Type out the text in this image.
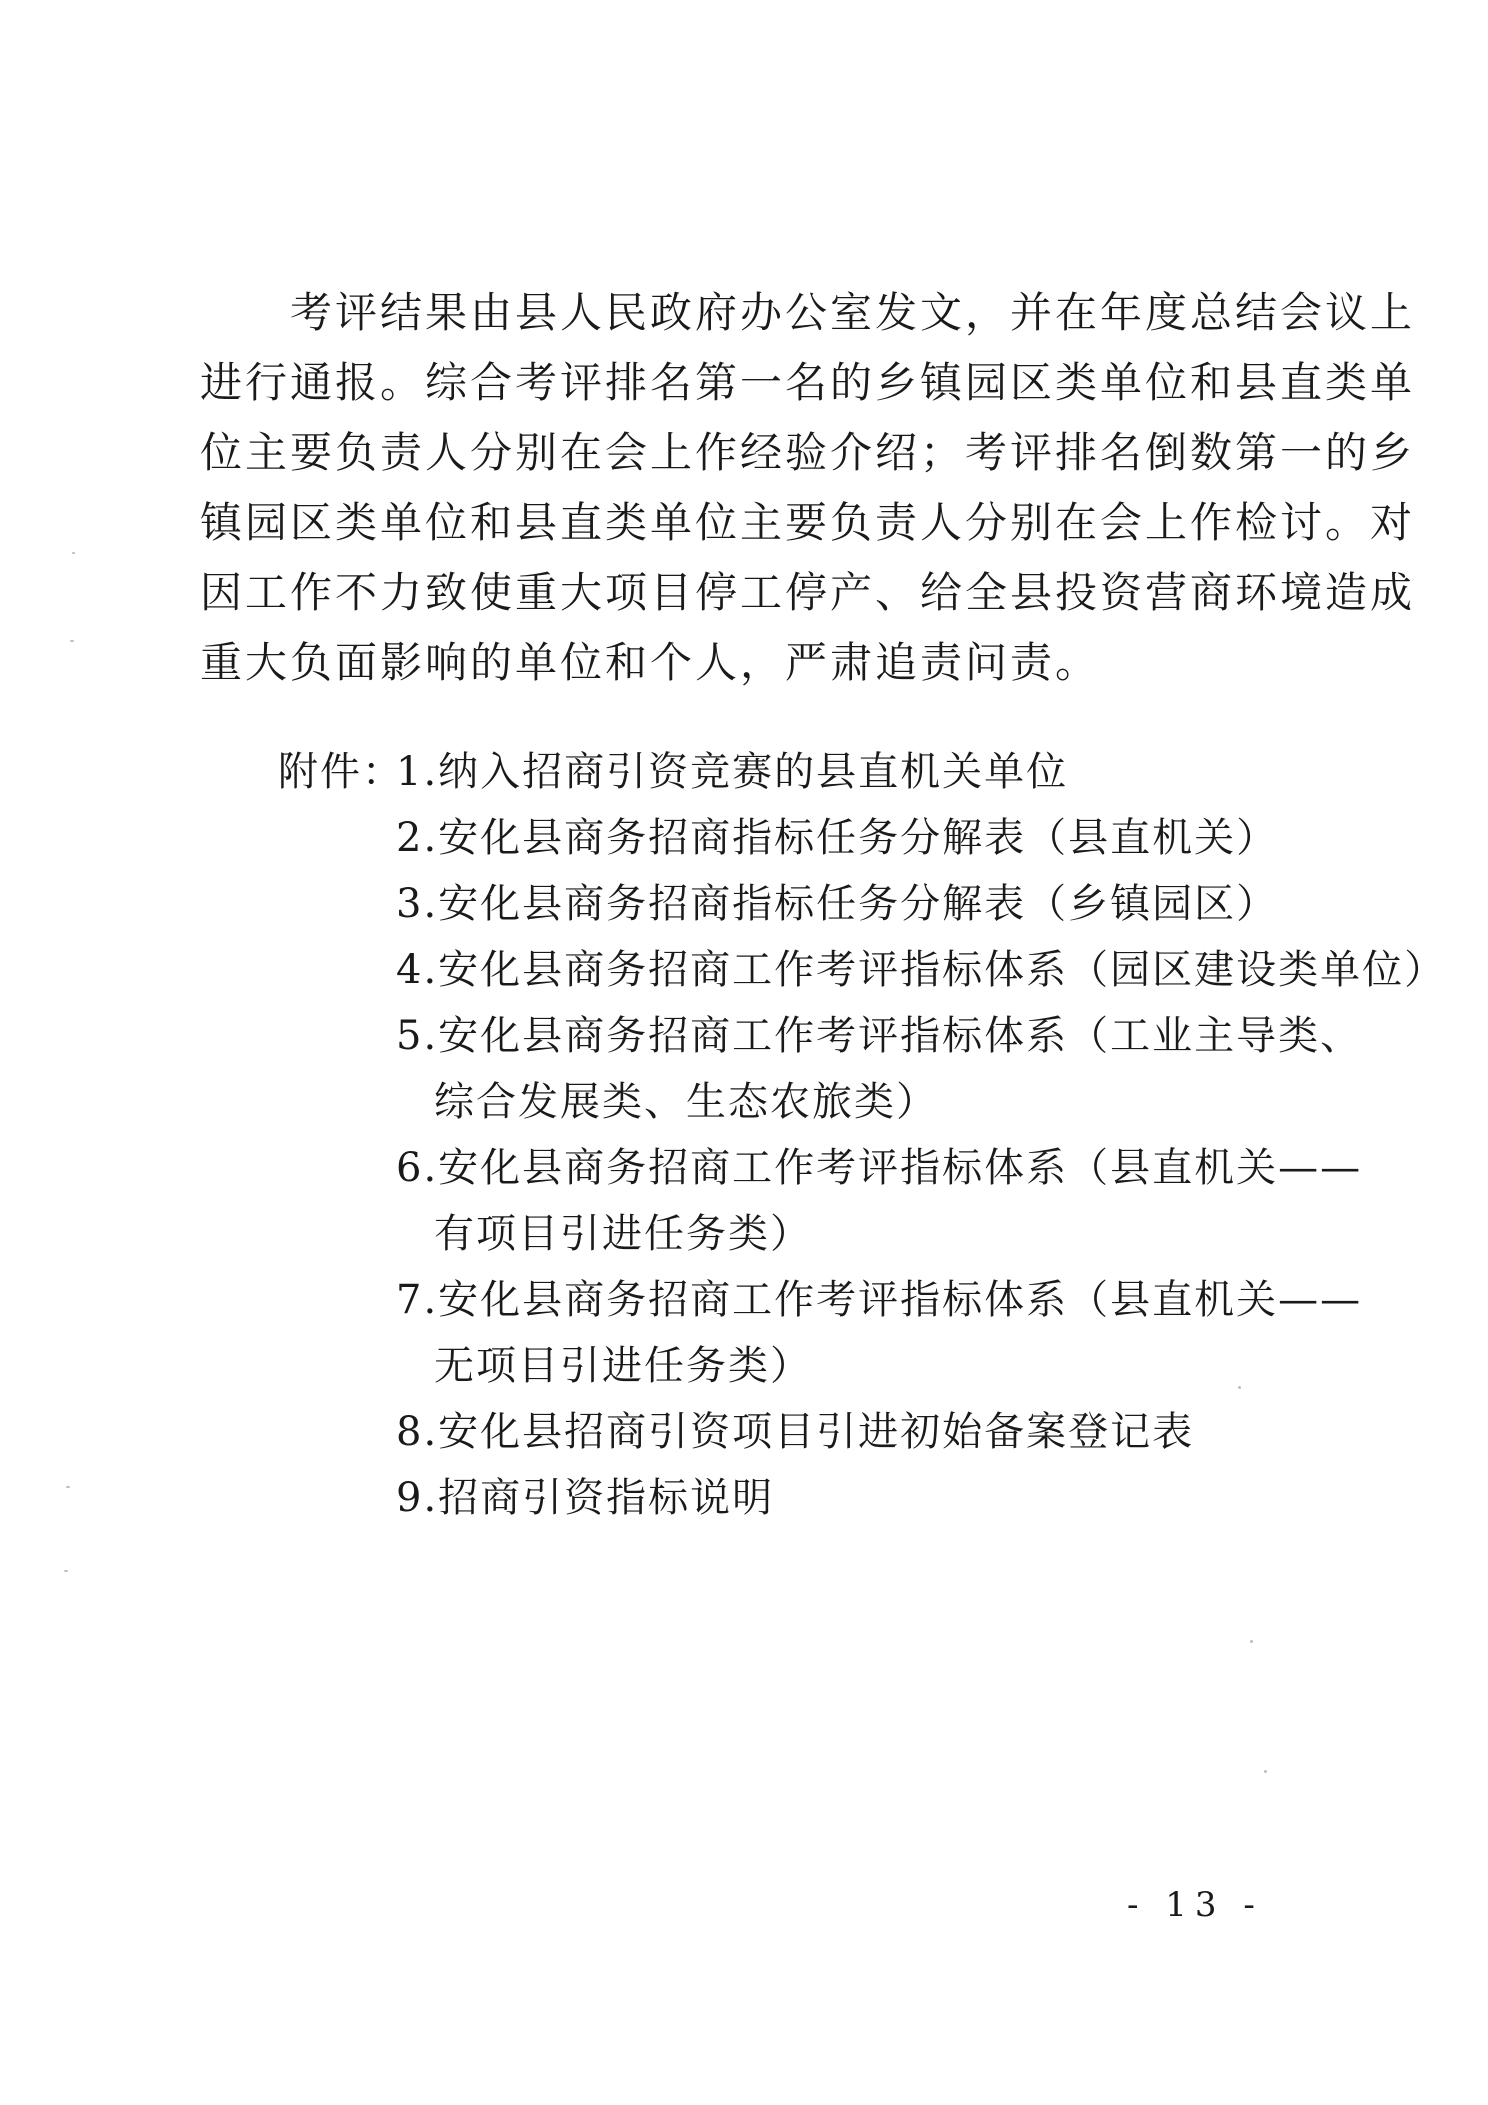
　　考评结果由县人民政府办公室发文，并在年度总结会议上
进行通报。综合考评排名第一名的乡镇园区类单位和县直类单
位主要负责人分别在会上作经验介绍；考评排名倒数第一的乡
镇园区类单位和县直类单位主要负责人分别在会上作检讨。对
因工作不力致使重大项目停工停产、给全县投资营商环境造成
重大负面影响的单位和个人，严肃追责问责。
附件：
1.纳入招商引资竞赛的县直机关单位
2.安化县商务招商指标任务分解表（县直机关）
3.安化县商务招商指标任务分解表（乡镇园区）
4.安化县商务招商工作考评指标体系（园区建设类单位）
5.安化县商务招商工作考评指标体系（工业主导类、
综合发展类、生态农旅类）
6.安化县商务招商工作考评指标体系（县直机关——
有项目引进任务类）
7.安化县商务招商工作考评指标体系（县直机关——
无项目引进任务类）
8.安化县招商引资项目引进初始备案登记表
9.招商引资指标说明
- 13 -
